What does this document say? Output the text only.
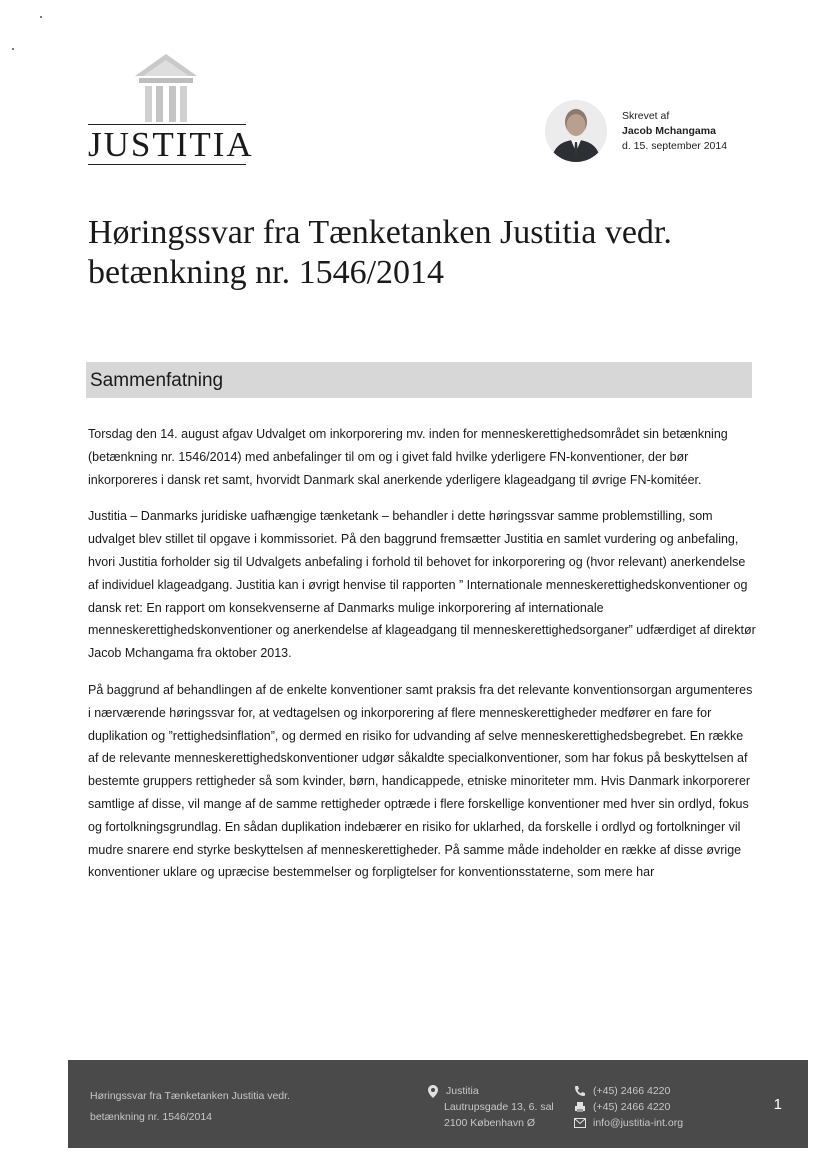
JUSTITIA
Skrevet af
Jacob Mchangama
d. 15. september 2014
Høringssvar fra Tænketanken Justitia vedr.
betænkning nr. 1546/2014
Sammenfatning

Torsdag den 14. august afgav Udvalget om inkorporering mv. inden for menneskerettighedsområdet sin betænkning (betænkning nr. 1546/2014) med anbefalinger til om og i givet fald hvilke yderligere FN-konventioner, der bør inkorporeres i dansk ret samt, hvorvidt Danmark skal anerkende yderligere klageadgang til øvrige FN-komitéer.

Justitia – Danmarks juridiske uafhængige tænketank – behandler i dette høringssvar samme problemstilling, som udvalget blev stillet til opgave i kommissoriet. På den baggrund fremsætter Justitia en samlet vurdering og anbefaling, hvori Justitia forholder sig til Udvalgets anbefaling i forhold til behovet for inkorporering og (hvor relevant) anerkendelse af individuel klageadgang. Justitia kan i øvrigt henvise til rapporten ” Internationale menneskerettighedskonventioner og dansk ret: En rapport om konsekvenserne af Danmarks mulige inkorporering af internationale menneskerettighedskonventioner og anerkendelse af klageadgang til menneskerettighedsorganer” udfærdiget af direktør Jacob Mchangama fra oktober 2013.

På baggrund af behandlingen af de enkelte konventioner samt praksis fra det relevante konventionsorgan argumenteres i nærværende høringssvar for, at vedtagelsen og inkorporering af flere menneskerettigheder medfører en fare for duplikation og ”rettighedsinflation”, og dermed en risiko for udvanding af selve menneskerettighedsbegrebet. En række af de relevante menneskerettighedskonventioner udgør såkaldte specialkonventioner, som har fokus på beskyttelsen af bestemte gruppers rettigheder så som kvinder, børn, handicappede, etniske minoriteter mm. Hvis Danmark inkorporerer samtlige af disse, vil mange af de samme rettigheder optræde i flere forskellige konventioner med hver sin ordlyd, fokus og fortolkningsgrundlag. En sådan duplikation indebærer en risiko for uklarhed, da forskelle i ordlyd og fortolkninger vil mudre snarere end styrke beskyttelsen af menneskerettigheder. På samme måde indeholder en række af disse øvrige konventioner uklare og upræcise bestemmelser og forpligtelser for konventionsstaterne, som mere har

Høringssvar fra Tænketanken Justitia vedr.
betænkning nr. 1546/2014
Justitia
Lautrupsgade 13, 6. sal
2100 København Ø
(+45) 2466 4220
(+45) 2466 4220
info@justitia-int.org
1
